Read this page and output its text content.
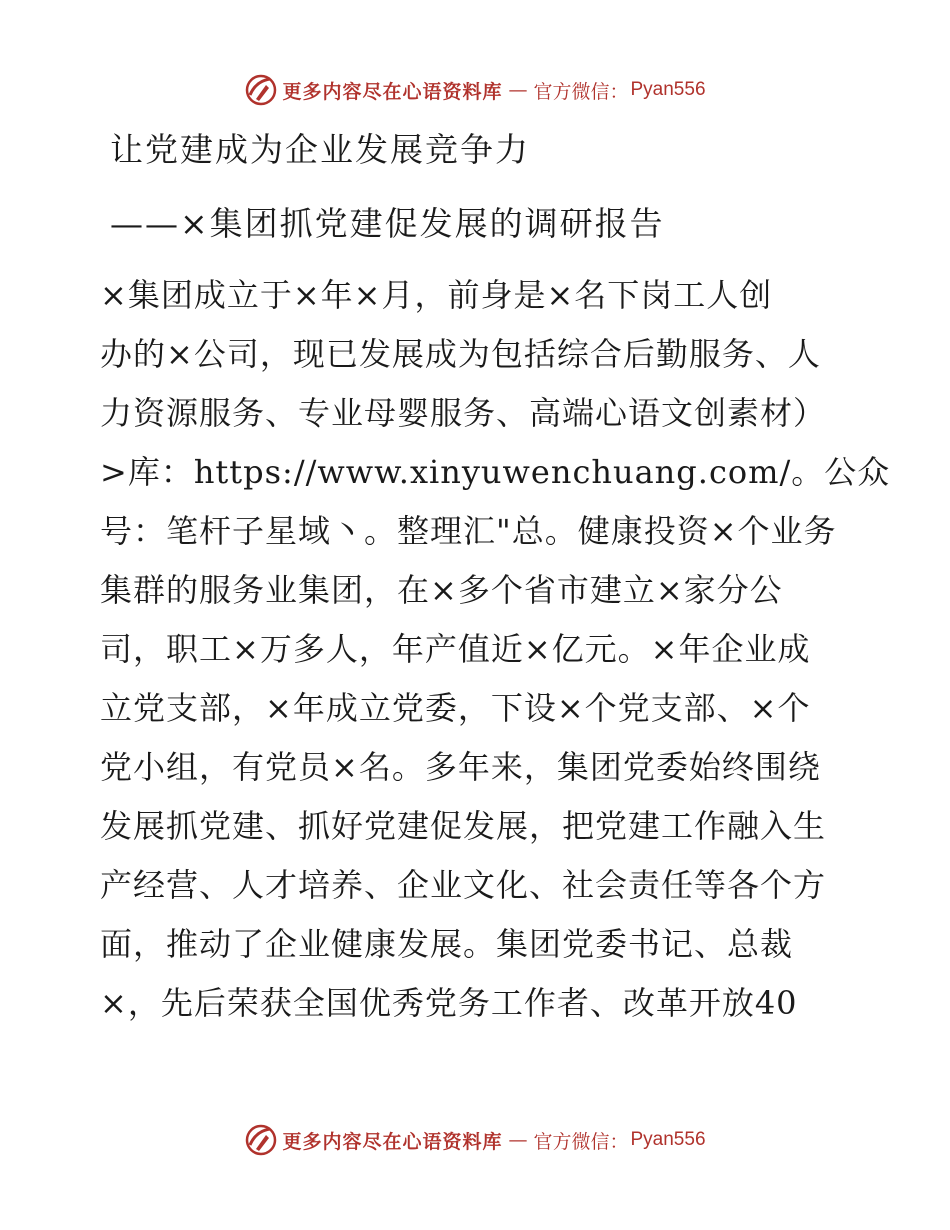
更多内容尽在心语资料库 — 官方微信： Pyan556
让党建成为企业发展竞争力
——×集团抓党建促发展的调研报告
×集团成立于×年×月，前身是×名下岗工人创
办的×公司，现已发展成为包括综合后勤服务、人
力资源服务、专业母婴服务、高端心语文创素材）
>库：https://www.xinyuwenchuang.com/。公众
号：笔杆子星域丶。整理汇"总。健康投资×个业务
集群的服务业集团，在×多个省市建立×家分公
司，职工×万多人，年产值近×亿元。×年企业成
立党支部，×年成立党委，下设×个党支部、×个
党小组，有党员×名。多年来，集团党委始终围绕
发展抓党建、抓好党建促发展，把党建工作融入生
产经营、人才培养、企业文化、社会责任等各个方
面，推动了企业健康发展。集团党委书记、总裁
×，先后荣获全国优秀党务工作者、改革开放40
更多内容尽在心语资料库 — 官方微信： Pyan556
